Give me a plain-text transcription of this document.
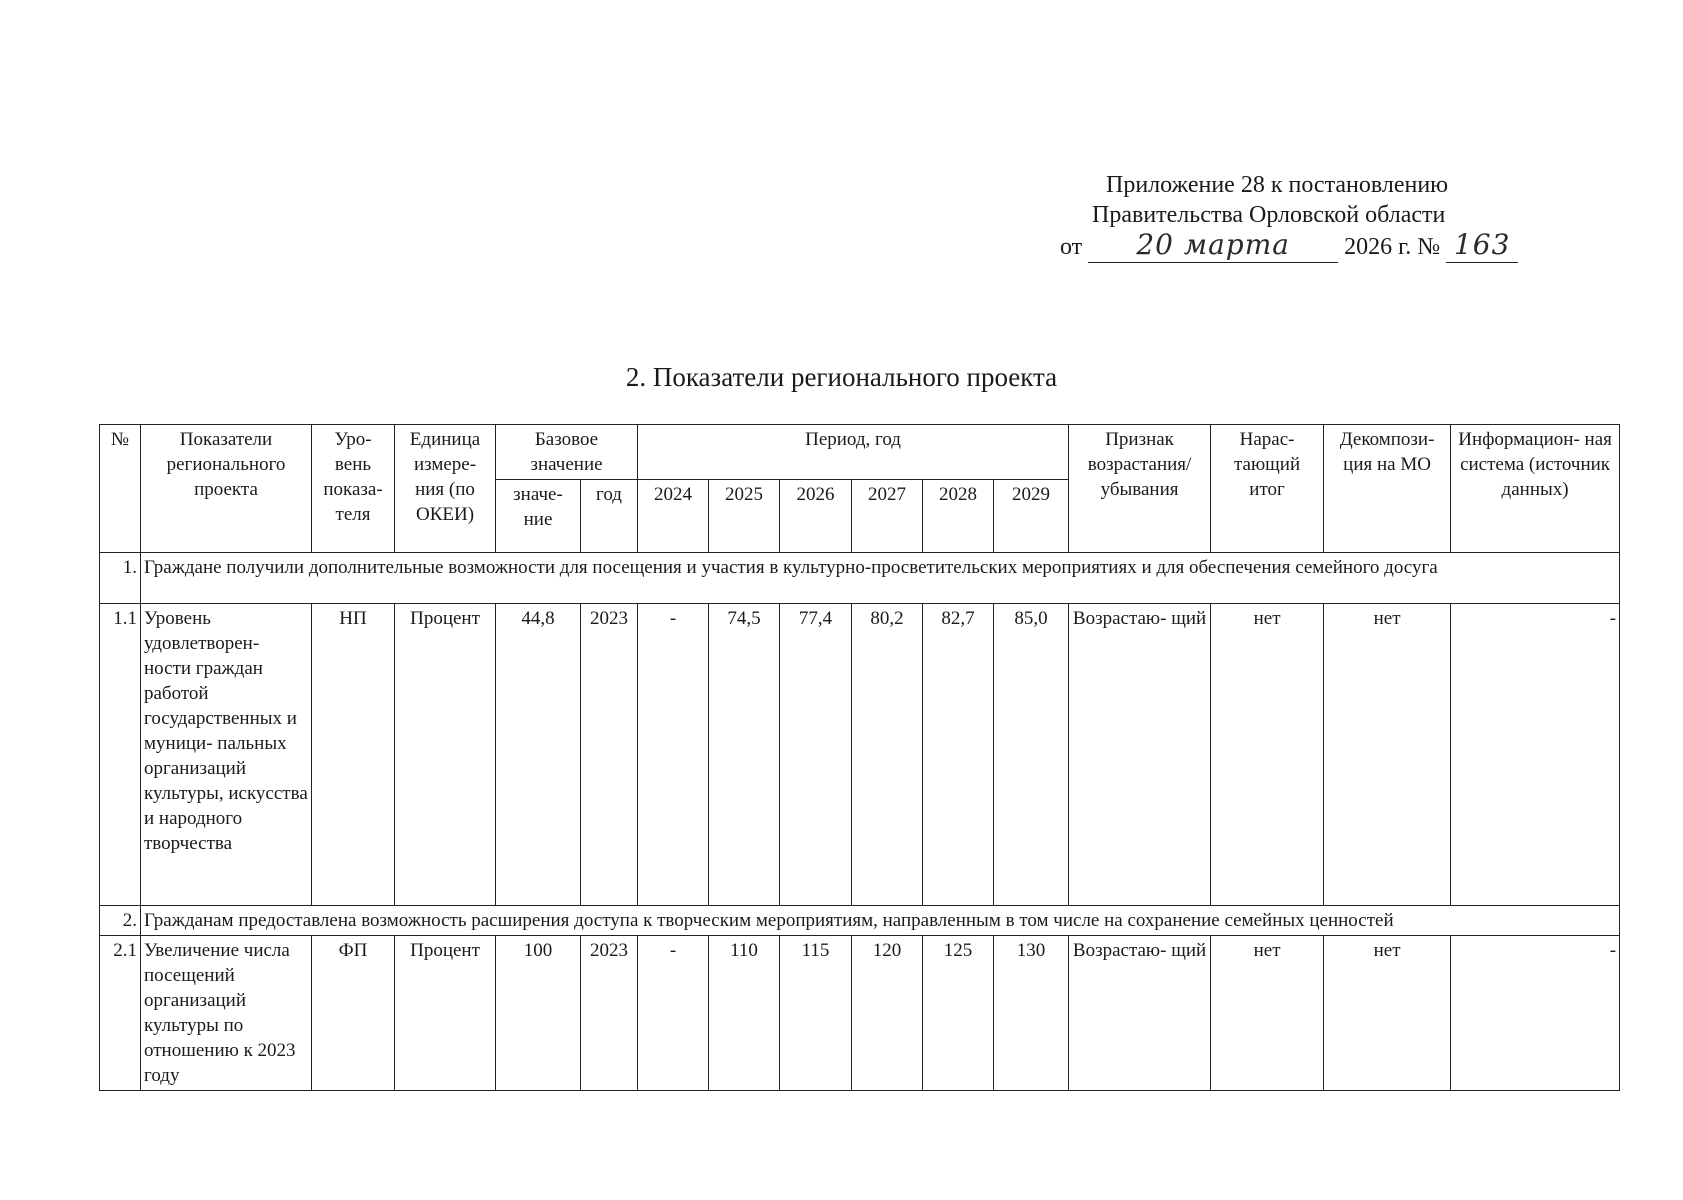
Приложение 28 к постановлению
Правительства Орловской области
от 20 марта 2026 г. № 163
2. Показатели регионального проекта
№	Показатели регионального проекта	Уро- вень показа- теля	Единица измере- ния (по ОКЕИ)	Базовое значение		Период, год						Признак возрастания/ убывания	Нарас- тающий итог	Декомпози- ция на МО	Информацион- ная система (источник данных)
				значе- ние	год	2024	2025	2026	2027	2028	2029				
1.	Граждане получили дополнительные возможности для посещения и участия в культурно-просветительских мероприятиях и для обеспечения семейного досуга														
1.1	Уровень удовлетворен- ности граждан работой государственных и муници- пальных организаций культуры, искусства и народного творчества	НП	Процент	44,8	2023	-	74,5	77,4	80,2	82,7	85,0	Возрастаю- щий	нет	нет	-
2.	Гражданам предоставлена возможность расширения доступа к творческим мероприятиям, направленным в том числе на сохранение семейных ценностей														
2.1	Увеличение числа посещений организаций культуры по отношению к 2023 году	ФП	Процент	100	2023	-	110	115	120	125	130	Возрастаю- щий	нет	нет	-
